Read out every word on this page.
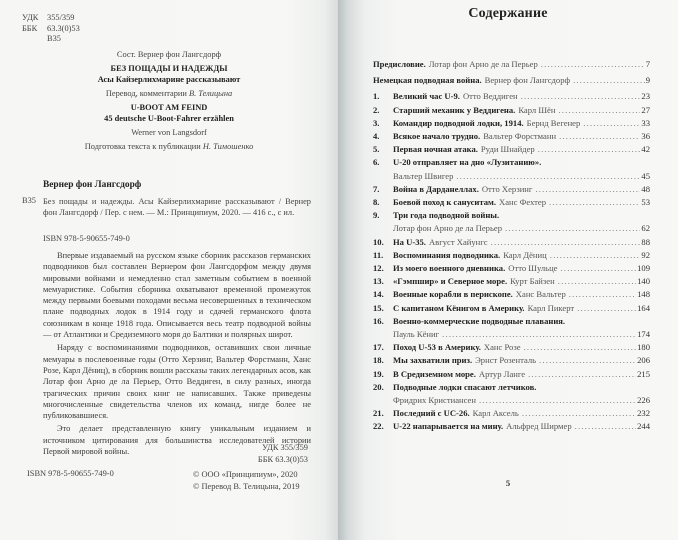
УДК	355/359
ББК	63.3(0)53
В35
Сост. Вернер фон Лангсдорф
БЕЗ ПОЩАДЫ И НАДЕЖДЫ
Асы Кайзерлихмарине рассказывают
Перевод, комментарии В. Телицына
U-BOOT AM FEIND
45 deutsche U-Boot-Fahrer erzählen
Werner von Langsdorf
Подготовка текста к публикации Н. Тимошенко
Вернер фон Лангсдорф
В35 Без пощады и надежды. Асы Кайзерлихмарине рассказывают / Вернер фон Лангсдорф / Пер. с нем. — М.: Принципиум, 2020. — 416 с., с ил.
ISBN 978-5-90655-749-0

Впервые издаваемый на русском языке сборник рассказов германских подводников был составлен Вернером фон Лангсдорфом между двумя мировыми войнами и немедленно стал заметным событием в военной мемуаристике. События сборника охватывают временной промежуток между первыми боевыми походами весьма несовершенных в техническом плане подводных лодок в 1914 году и сдачей германского флота союзникам в конце 1918 года. Описывается весь театр подводной войны — от Атлантики и Средиземного моря до Балтики и полярных широт.

Наряду с воспоминаниями подводников, оставивших свои личные мемуары в послевоенные годы (Отто Херзинг, Вальтер Форстманн, Ханс Розе, Карл Дёниц), в сборник вошли рассказы таких легендарных асов, как Лотар фон Арно де ла Перьер, Отто Веддиген, в силу разных, иногда трагических причин своих книг не написавших. Также приведены многочисленные свидетельства членов их команд, нигде более не публиковавшиеся.

Это делает представленную книгу уникальным изданием и источником цитирования для большинства исследователей истории Первой мировой войны.	УДК 355/359
ББК 63.3(0)53
ISBN 978-5-90655-749-0	© ООО «Принципиум», 2020
© Перевод В. Телицына, 2019
Содержание
Предисловие. Лотар фон Арно де ла Перьер .....	7
Немецкая подводная война. Вернер фон Лангсдорф .....	9
1.	Великий час U-9. Отто Веддиген .....	23
2.	Старший механик у Веддигена. Карл Шён .....	27
3.	Командир подводной лодки, 1914. Бернд Вегенер .....	33
4.	Всякое начало трудно. Вальтер Форстманн .....	36
5.	Первая ночная атака. Руди Шнайдер .....	42
6.	U-20 отправляет на дно «Лузитанию».
Вальтер Швигер .....	45
7.	Война в Дарданеллах. Отто Херзинг .....	48
8.	Боевой поход к сануситам. Ханс Фехтер .....	53
9.	Три года подводной войны.
Лотар фон Арно де ла Перьер .....	62
10.	На U-35. Август Хайунгс .....	88
11.	Воспоминания подводника. Карл Дёниц .....	92
12.	Из моего военного дневника. Отто Шульце .....	109
13.	«Гэмпшир» и Северное море. Курт Байзен .....	140
14.	Военные корабли в перископе. Ханс Вальтер .....	148
15.	С капитаном Кёнигом в Америку. Карл Пикерт .....	164
16.	Военно-коммерческие подводные плавания.
Пауль Кёниг .....	174
17.	Поход U-53 в Америку. Ханс Розе .....	180
18.	Мы захватили приз. Эрнст Розенталь .....	206
19.	В Средиземном море. Артур Ланге .....	215
20.	Подводные лодки спасают летчиков.
Фридрих Кристиансен .....	226
21.	Последний с UC-26. Карл Аксель .....	232
22.	U-22 напарывается на мину. Альфред Ширмер .....	244
5
